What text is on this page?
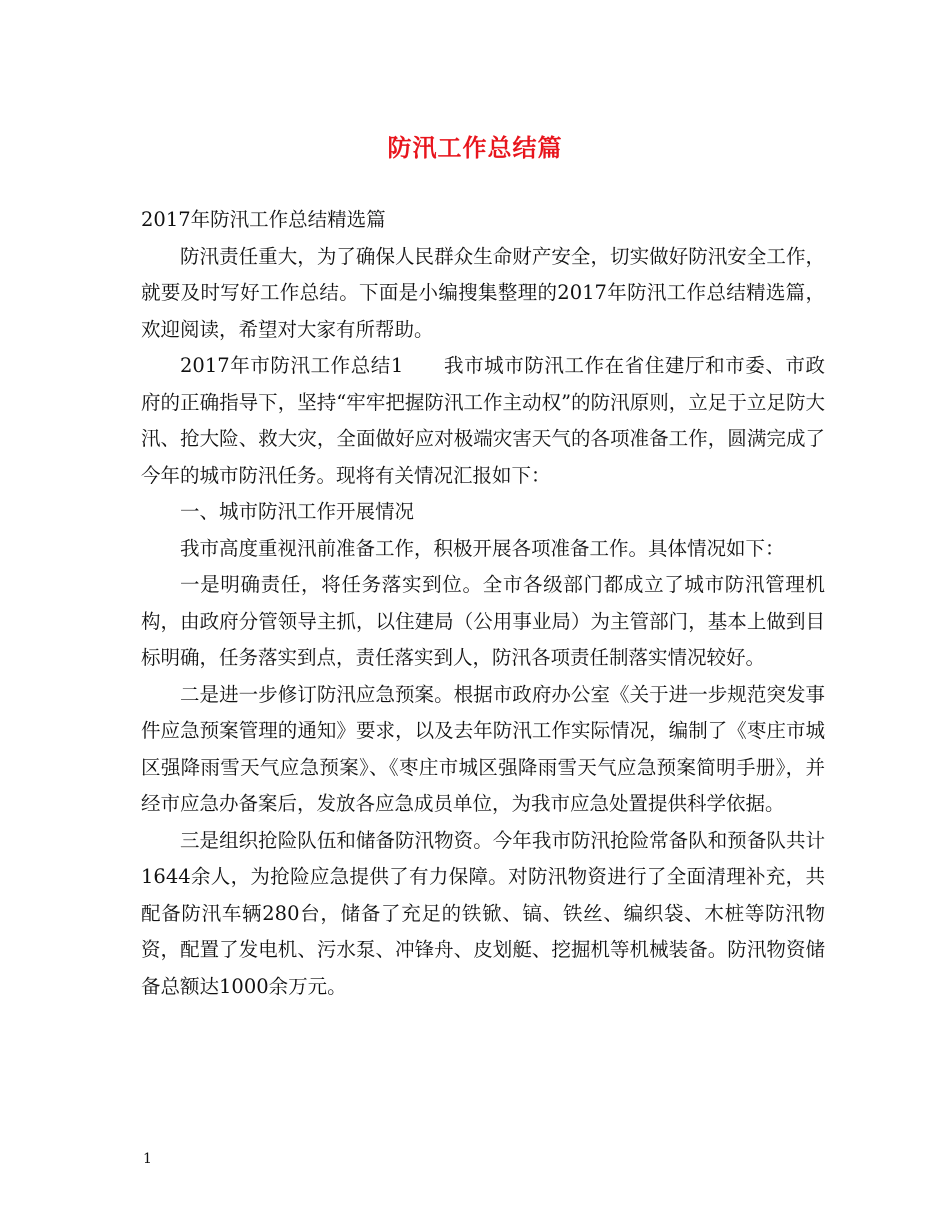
防汛工作总结篇

2017年防汛工作总结精选篇

防汛责任重大，为了确保人民群众生命财产安全，切实做好防汛安全工作，就要及时写好工作总结。下面是小编搜集整理的2017年防汛工作总结精选篇，欢迎阅读，希望对大家有所帮助。

2017年市防汛工作总结1　　我市城市防汛工作在省住建厅和市委、市政府的正确指导下，坚持“牢牢把握防汛工作主动权”的防汛原则，立足于立足防大汛、抢大险、救大灾，全面做好应对极端灾害天气的各项准备工作，圆满完成了今年的城市防汛任务。现将有关情况汇报如下：

一、城市防汛工作开展情况

我市高度重视汛前准备工作，积极开展各项准备工作。具体情况如下：

一是明确责任，将任务落实到位。全市各级部门都成立了城市防汛管理机构，由政府分管领导主抓，以住建局（公用事业局）为主管部门，基本上做到目标明确，任务落实到点，责任落实到人，防汛各项责任制落实情况较好。

二是进一步修订防汛应急预案。根据市政府办公室《关于进一步规范突发事件应急预案管理的通知》要求，以及去年防汛工作实际情况，编制了《枣庄市城区强降雨雪天气应急预案》、《枣庄市城区强降雨雪天气应急预案简明手册》，并经市应急办备案后，发放各应急成员单位，为我市应急处置提供科学依据。

三是组织抢险队伍和储备防汛物资。今年我市防汛抢险常备队和预备队共计1644余人，为抢险应急提供了有力保障。对防汛物资进行了全面清理补充，共配备防汛车辆280台，储备了充足的铁锨、镐、铁丝、编织袋、木桩等防汛物资，配置了发电机、污水泵、冲锋舟、皮划艇、挖掘机等机械装备。防汛物资储备总额达1000余万元。

1
